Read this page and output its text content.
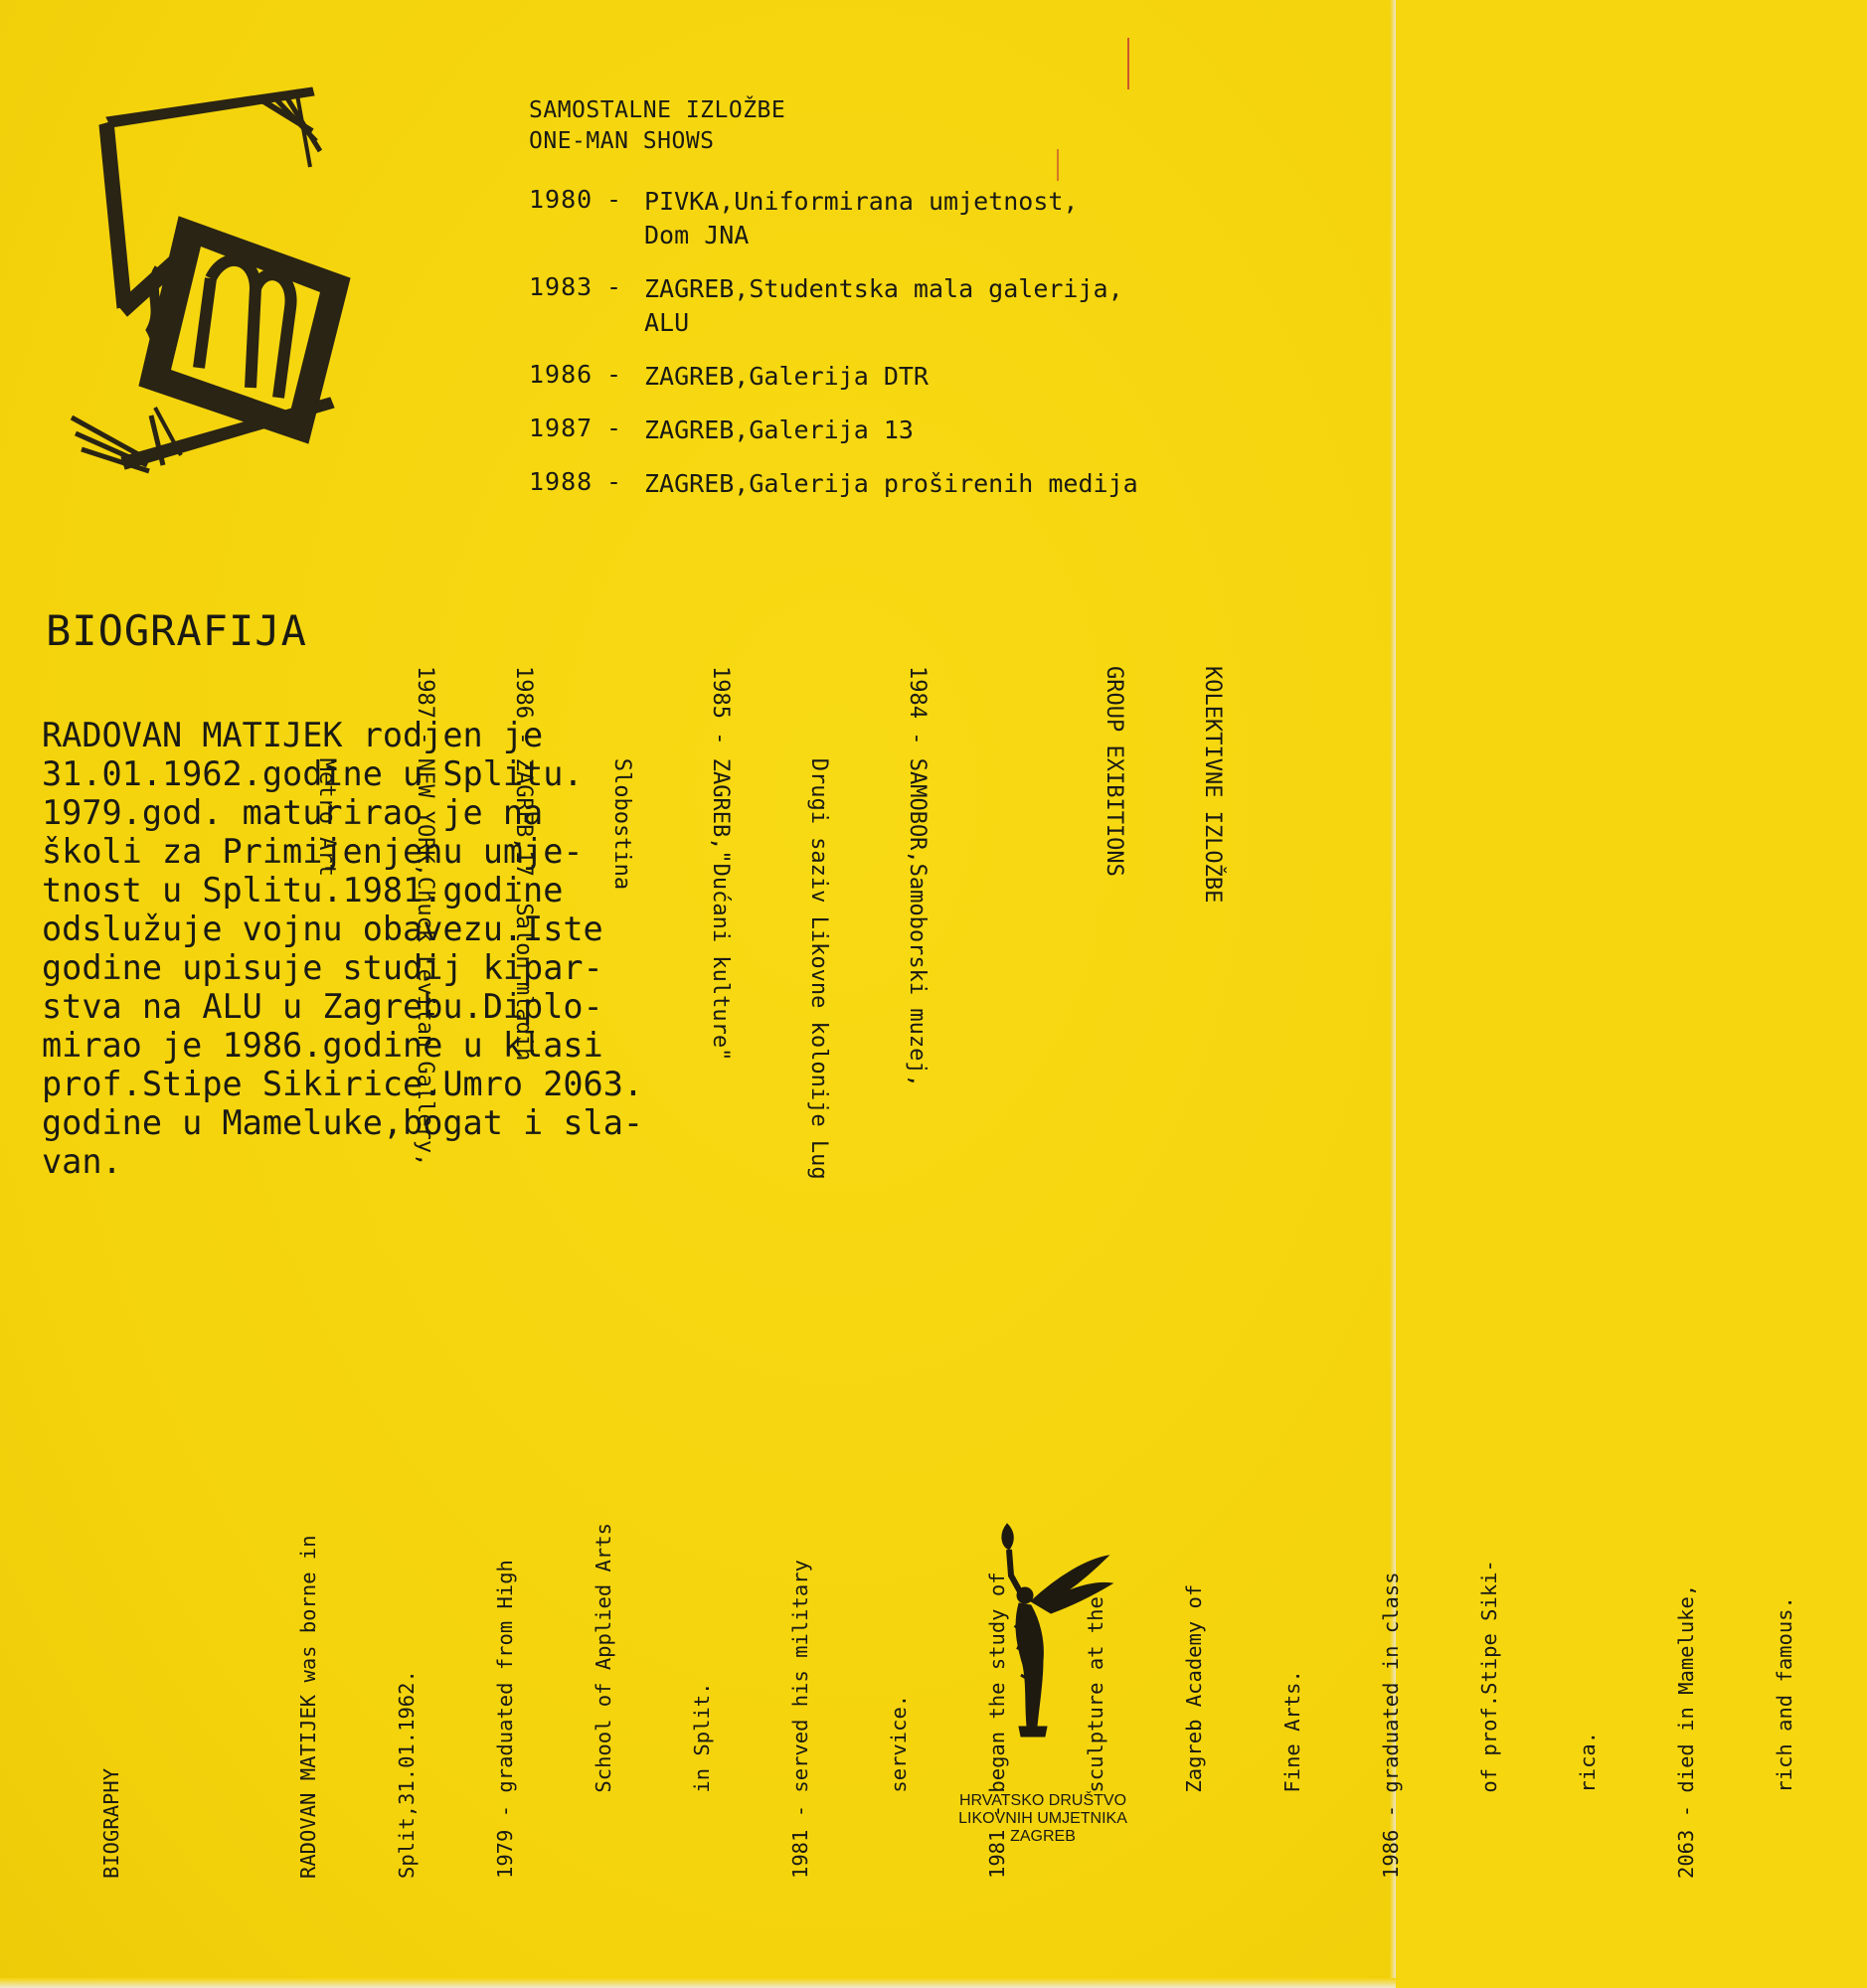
SAMOSTALNE IZLOŽBE
ONE-MAN SHOWS
1980 - PIVKA,Uniformirana umjetnost,
Dom JNA
1983 - ZAGREB,Studentska mala galerija,
ALU
1986 - ZAGREB,Galerija DTR
1987 - ZAGREB,Galerija 13
1988 - ZAGREB,Galerija proširenih medija
BIOGRAFIJA
RADOVAN MATIJEK rodjen je
31.01.1962.godine u Splitu.
1979.god. maturirao je na
školi za Primijenjenu umje-
tnost u Splitu.1981.godine
odslužuje vojnu obavezu.Iste
godine upisuje studij kipar-
stva na ALU u Zagrebu.Diplo-
mirao je 1986.godine u klasi
prof.Stipe Sikirice.Umro 2063.
godine u Mameluke,bogat i sla-
van.

KOLEKTIVNE IZLOŽBE

GROUP EXIBITIONS

1984 - SAMOBOR,Samoborski muzej,

Drugi saziv Likovne kolonije Lug

1985 - ZAGREB,"Dućani kulture"

Slobostina

1986 - ZAGREB,17. Salon mladih

1987 - NEW YORK,Chuck Levitan Gallery,

Metro Art

BIOGRAPHY

	RADOVAN MATIJEK was borne in

	Split,31.01.1962.

	1979 - graduated from High

	School of Applied Arts

	in Split.

	1981 - served his military

	service.

	1981 - began the study of

	sculpture at the

	Zagreb Academy of

	Fine Arts.

	1986 - graduated in class

	of prof.Stipe Siki-

	rica.

	2063 - died in Mameluke,

	rich and famous.

HRVATSKO DRUŠTVO
LIKOVNIH UMJETNIKA
ZAGREB
